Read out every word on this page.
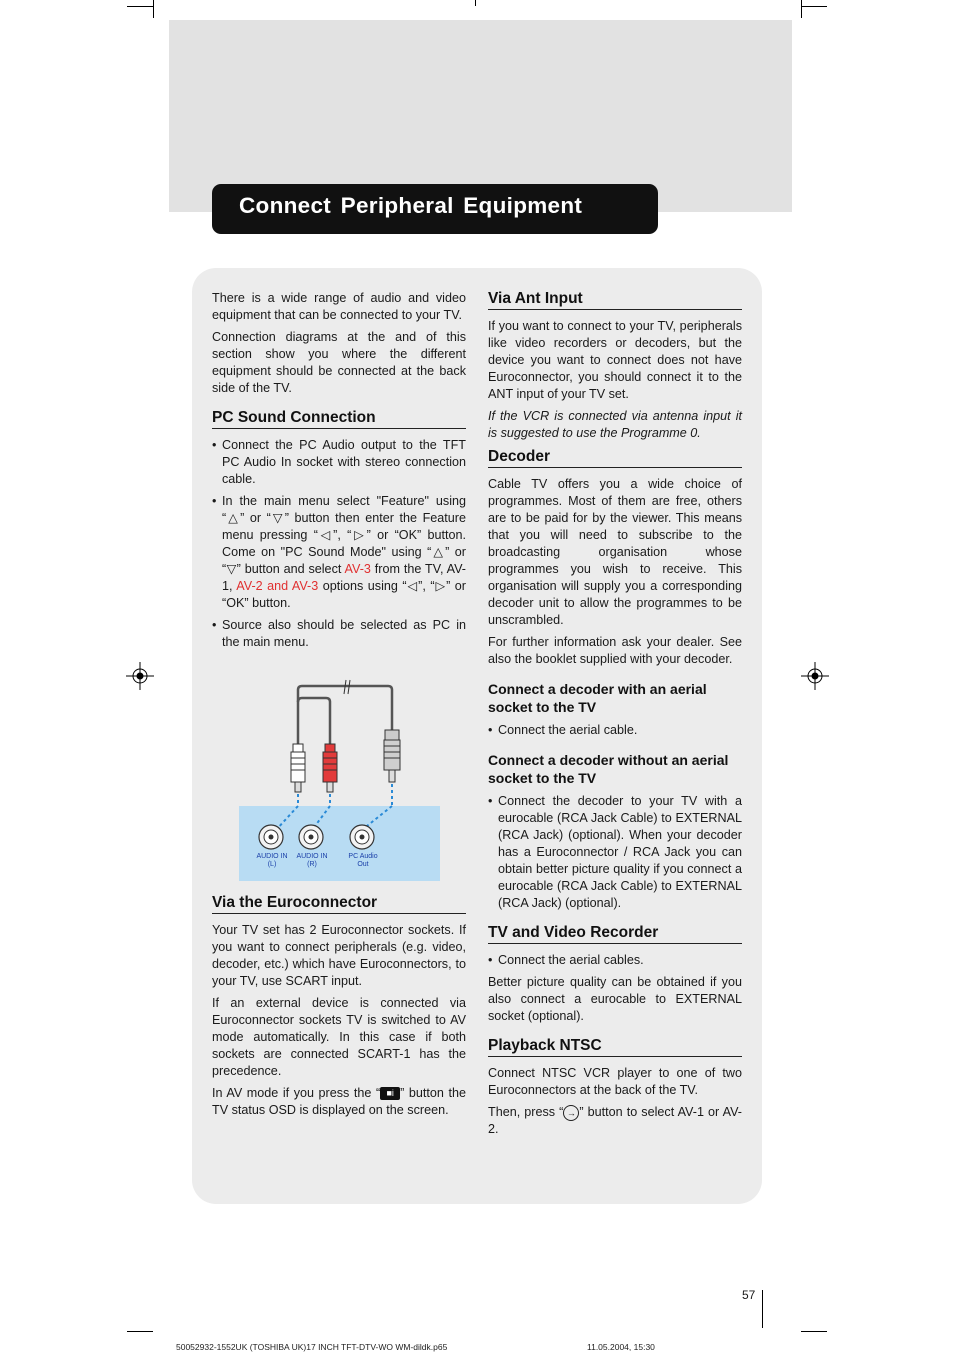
Connect Peripheral Equipment

There is a wide range of audio and video equipment that can be connected to your TV.

Connection diagrams at the and of this section show you where the different equipment should be connected at the back side of the TV.

PC Sound Connection
• Connect the PC Audio output to the TFT PC Audio In socket with stereo connection cable.
• In the main menu select "Feature" using “△” or “▽” button then enter the Feature menu pressing “◁”, “▷” or “OK” button. Come on "PC Sound Mode" using “△” or “▽” button and select AV-3 from the TV, AV-1, AV-2 and AV-3 options using “◁”, “▷” or “OK” button.
• Source also should be selected as PC in the main menu.
AUDIO IN
(L)
AUDIO IN
(R)
PC Audio
Out
Via the Euroconnector

Your TV set has 2 Euroconnector sockets. If you want to connect peripherals (e.g. video, decoder, etc.) which have Euroconnectors, to your TV, use SCART input.

If an external device is connected via Euroconnector sockets TV is switched to AV mode automatically. In this case if both sockets are connected SCART-1 has the precedence.

In AV mode if you press the “ ■i ” button the TV status OSD is displayed on the screen.

Via Ant Input

If you want to connect to your TV, peripherals like video recorders or decoders, but the device you want to connect does not have Euroconnector, you should connect it to the ANT input of your TV set.

If the VCR is connected via antenna input it is suggested to use the Programme 0.

Decoder

Cable TV offers you a wide choice of programmes. Most of them are free, others are to be paid for by the viewer. This means that you will need to subscribe to the broadcasting organisation whose programmes you wish to receive. This organisation will supply you a corresponding decoder unit to allow the programmes to be unscrambled.

For further information ask your dealer. See also the booklet supplied with your decoder.

Connect a decoder with an aerial socket to the TV
• Connect the aerial cable.
Connect a decoder without an aerial socket to the TV
• Connect the decoder to your TV with a eurocable (RCA Jack Cable) to EXTERNAL (RCA Jack) (optional). When your decoder has a Euroconnector / RCA Jack you can obtain better picture quality if you connect a eurocable (RCA Jack Cable) to EXTERNAL (RCA Jack) (optional).
TV and Video Recorder
• Connect the aerial cables.

Better picture quality can be obtained if you also connect a eurocable to EXTERNAL socket (optional).

Playback NTSC

Connect NTSC VCR player to one of two Euroconnectors at the back of the TV.

Then, press “ → ” button to select AV-1 or AV-2.

57
50052932-1552UK (TOSHIBA UK)17 INCH TFT-DTV-WO WM-dildk.p65	11.05.2004, 15:30
